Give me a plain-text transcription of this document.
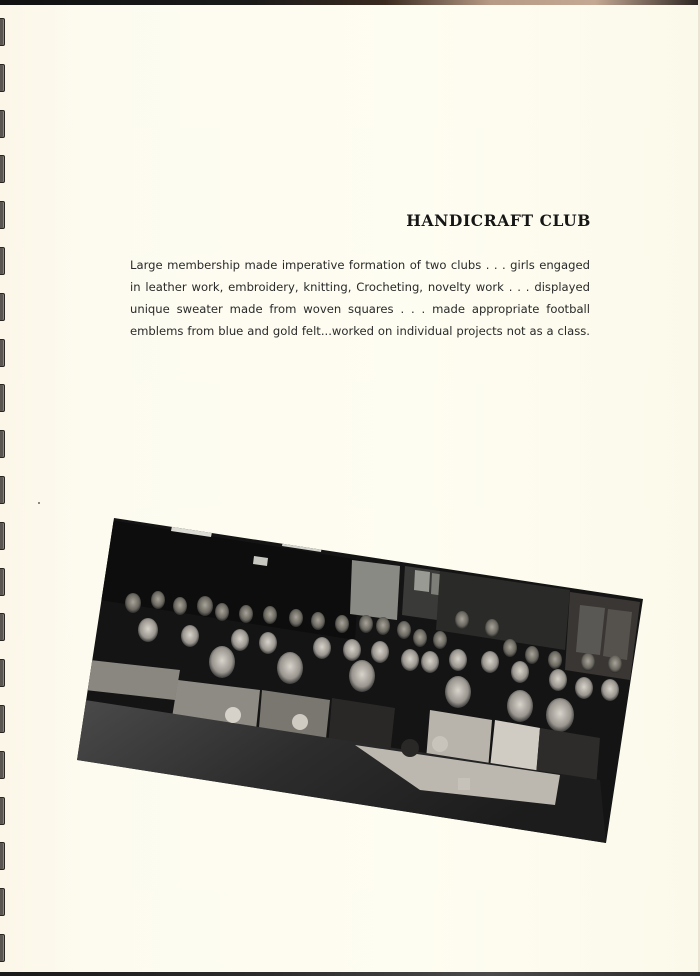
HANDICRAFT CLUB
Large membership made imperative formation of two clubs . . . girls engaged
in leather work, embroidery, knitting, Crocheting, novelty work . . . displayed
unique sweater made from woven squares . . . made appropriate football
emblems from blue and gold felt...worked on individual projects not as a class.
